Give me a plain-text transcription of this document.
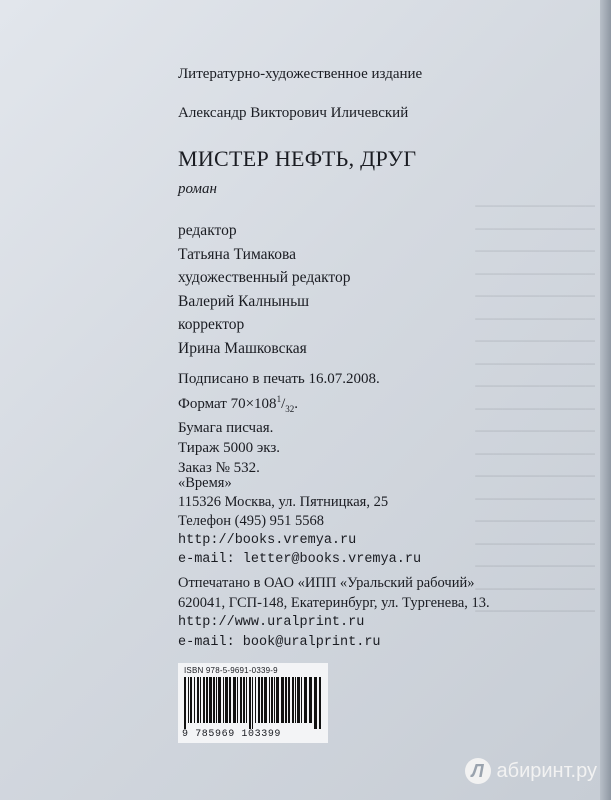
─────────────
─────────────
─────────────
─────────────
─────────────
─────────────
─────────────
─────────────
─────────────
─────────────
─────────────
─────────────
─────────────
─────────────
─────────────
─────────────
─────────────
─────────────
─────────────
Литературно-художественное издание
Александр Викторович Иличевский
МИСТЕР НЕФТЬ, ДРУГ
роман
редактор
Татьяна Тимакова
художественный редактор
Валерий Калныньш
корректор
Ирина Машковская
Подписано в печать 16.07.2008.
Формат $70\times 108^1/_{32}$.
Бумага писчая.
Тираж 5000 экз.
Заказ № 532.
«Время»
115326 Москва, ул. Пятницкая, 25
Телефон (495) 951 5568
http://books.vremya.ru
e-mail: letter@books.vremya.ru
Отпечатано в ОАО «ИПП «Уральский рабочий»
620041, ГСП-148, Екатеринбург, ул. Тургенева, 13.
http://www.uralprint.ru
e-mail: book@uralprint.ru
ISBN 978-5-9691-0339-9
9 785969 103399
Л абиринт.ру
